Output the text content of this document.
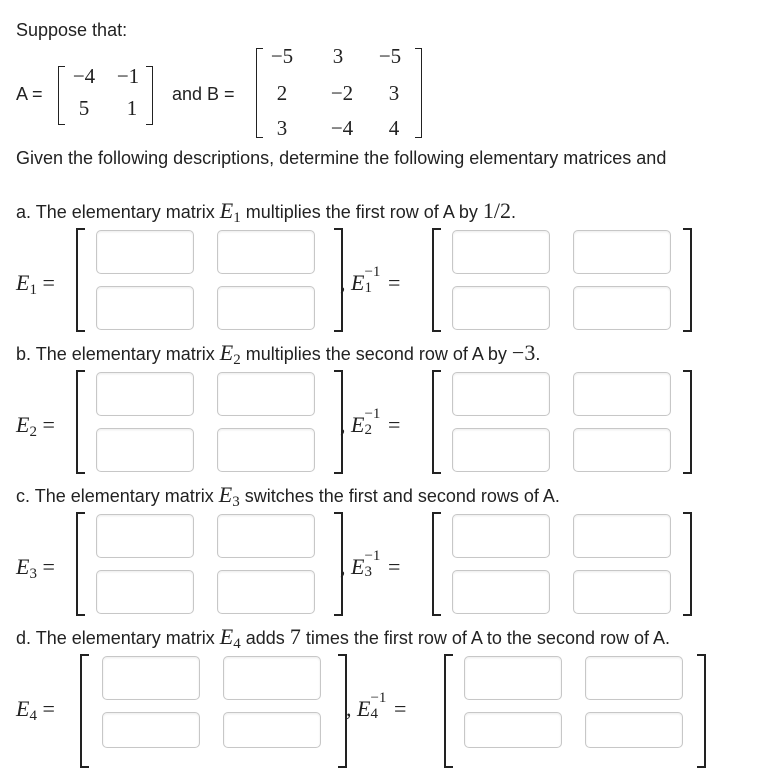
Suppose that:
A =
−4	−1
5	1
and B =
−5	3	−5
2	−2	3
3	−4	4
Given the following descriptions, determine the following elementary matrices and
a. The elementary matrix $E_1$ multiplies the first row of A by 1/2.
$E_1$ =	, E −1
1 =
b. The elementary matrix $E_2$ multiplies the second row of A by −3.
$E_2$ =	, E −1
2 =
c. The elementary matrix $E_3$ switches the first and second rows of A.
$E_3$ =	, E −1
3 =
d. The elementary matrix $E_4$ adds 7 times the first row of A to the second row of A.
$E_4$ =	, E −1
4 =
